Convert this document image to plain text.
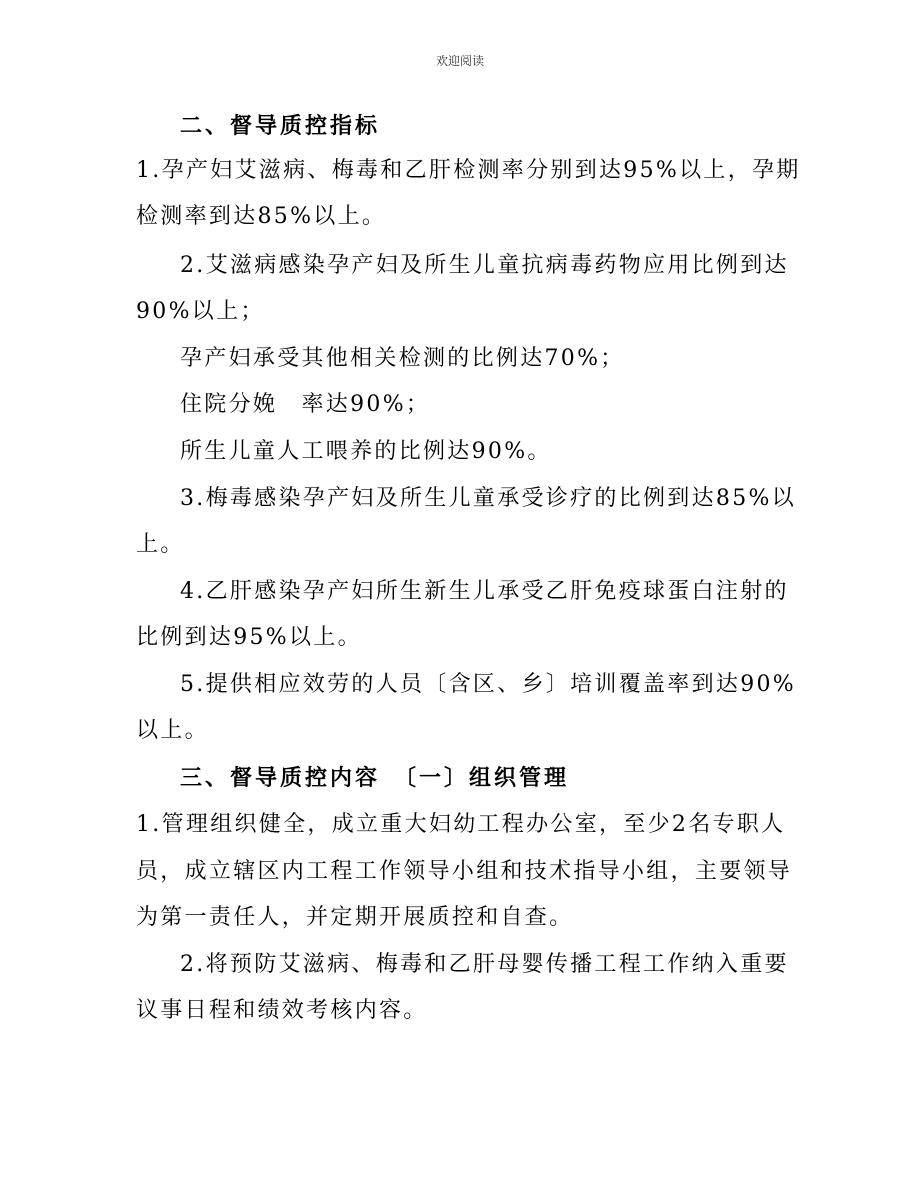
欢迎阅读
二、督导质控指标
1.孕产妇艾滋病、梅毒和乙肝检测率分别到达95%以上，孕期
检测率到达85%以上。
2.艾滋病感染孕产妇及所生儿童抗病毒药物应用比例到达
90%以上；
孕产妇承受其他相关检测的比例达70%；
住院分娩　率达90%；
所生儿童人工喂养的比例达90%。
3.梅毒感染孕产妇及所生儿童承受诊疗的比例到达85%以
上。
4.乙肝感染孕产妇所生新生儿承受乙肝免疫球蛋白注射的
比例到达95%以上。
5.提供相应效劳的人员〔含区、乡〕培训覆盖率到达90%
以上。
三、督导质控内容　〔一〕组织管理
1.管理组织健全，成立重大妇幼工程办公室，至少2名专职人
员，成立辖区内工程工作领导小组和技术指导小组，主要领导
为第一责任人，并定期开展质控和自查。
2.将预防艾滋病、梅毒和乙肝母婴传播工程工作纳入重要
议事日程和绩效考核内容。
